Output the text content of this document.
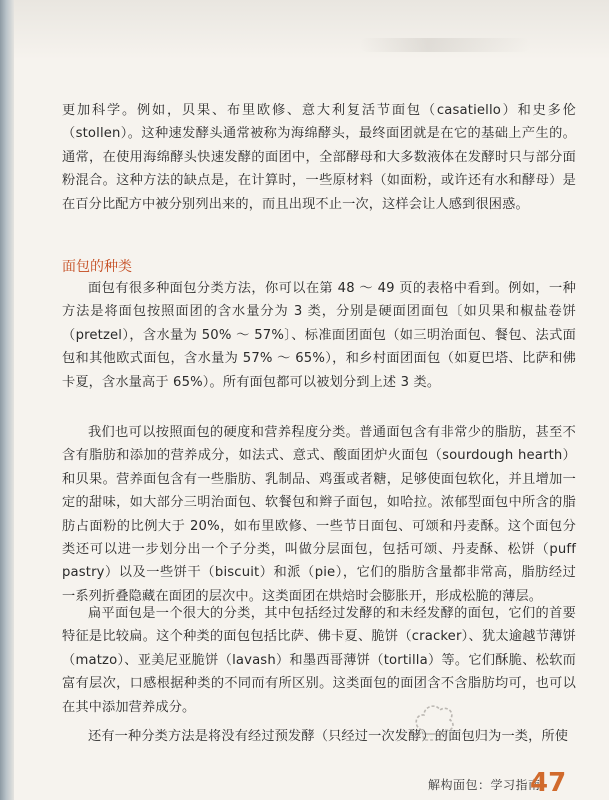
更加科学。例如，贝果、布里欧修、意大利复活节面包（casatiello）和史多伦（stollen）。这种速发酵头通常被称为海绵酵头，最终面团就是在它的基础上产生的。通常，在使用海绵酵头快速发酵的面团中，全部酵母和大多数液体在发酵时只与部分面粉混合。这种方法的缺点是，在计算时，一些原材料（如面粉，或许还有水和酵母）是在百分比配方中被分别列出来的，而且出现不止一次，这样会让人感到很困惑。

面包的种类

面包有很多种面包分类方法，你可以在第 48 ～ 49 页的表格中看到。例如，一种方法是将面包按照面团的含水量分为 3 类，分别是硬面团面包〔如贝果和椒盐卷饼（pretzel），含水量为 50% ～ 57%〕、标准面团面包（如三明治面包、餐包、法式面包和其他欧式面包，含水量为 57% ～ 65%），和乡村面团面包（如夏巴塔、比萨和佛卡夏，含水量高于 65%）。所有面包都可以被划分到上述 3 类。

我们也可以按照面包的硬度和营养程度分类。普通面包含有非常少的脂肪，甚至不含有脂肪和添加的营养成分，如法式、意式、酸面团炉火面包（sourdough hearth）和贝果。营养面包含有一些脂肪、乳制品、鸡蛋或者糖，足够使面包软化，并且增加一定的甜味，如大部分三明治面包、软餐包和辫子面包，如哈拉。浓郁型面包中所含的脂肪占面粉的比例大于 20%，如布里欧修、一些节日面包、可颂和丹麦酥。这个面包分类还可以进一步划分出一个子分类，叫做分层面包，包括可颂、丹麦酥、松饼（puff pastry）以及一些饼干（biscuit）和派（pie），它们的脂肪含量都非常高，脂肪经过一系列折叠隐藏在面团的层次中。这类面团在烘焙时会膨胀开，形成松脆的薄层。

扁平面包是一个很大的分类，其中包括经过发酵的和未经发酵的面包，它们的首要特征是比较扁。这个种类的面包包括比萨、佛卡夏、脆饼（cracker）、犹太逾越节薄饼（matzo）、亚美尼亚脆饼（lavash）和墨西哥薄饼（tortilla）等。它们酥脆、松软而富有层次，口感根据种类的不同而有所区别。这类面包的面团含不含脂肪均可，也可以在其中添加营养成分。

还有一种分类方法是将没有经过预发酵（只经过一次发酵）的面包归为一类，所使

解构面包：学习指南
47
